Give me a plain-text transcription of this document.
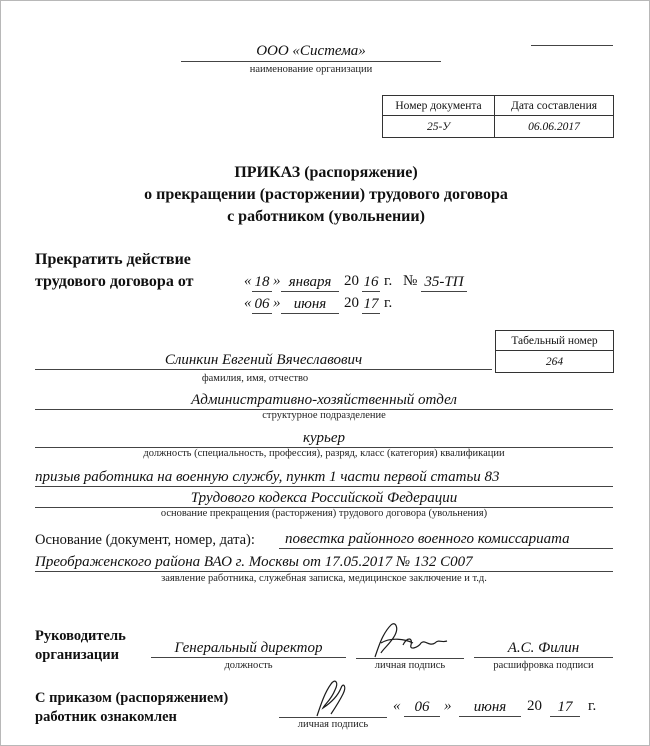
ООО «Система»
наименование организации
Номер документа	Дата составления
25-У	06.06.2017
ПРИКАЗ (распоряжение)
о прекращении (расторжении) трудового договора
с работником (увольнении)
Прекратить действие
трудового договора от	« 18 » января 20 16 г. № 35-ТП
« 06 » июня	20 17 г.
Табельный номер
264
Слинкин Евгений Вячеславович
фамилия, имя, отчество
Административно-хозяйственный отдел
структурное подразделение
курьер
должность (специальность, профессия), разряд, класс (категория) квалификации
призыв работника на военную службу, пункт 1 части первой статьи 83
Трудового кодекса Российской Федерации
основание прекращения (расторжения) трудового договора (увольнения)
Основание (документ, номер, дата):	повестка районного военного комиссариата
Преображенского района ВАО г. Москвы от 17.05.2017 № 132 С007
заявление работника, служебная записка, медицинское заключение и т.д.
Руководитель
организации	Генеральный директор
должность	личная подпись
А.С. Филин
расшифровка подписи
С приказом (распоряжением)
работник ознакомлен	личная подпись
« 06 »	июня	20	17	г.
